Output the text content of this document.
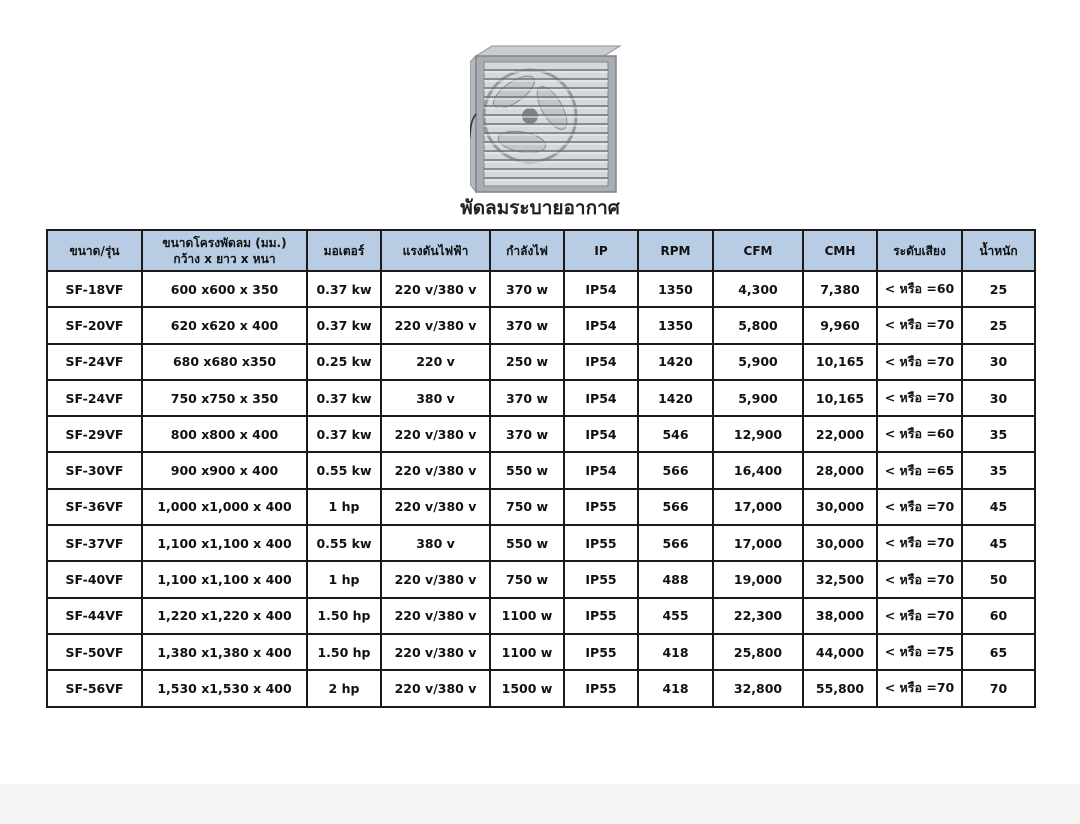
พัดลมระบายอากาศ
ขนาด/รุ่น	ขนาดโครงพัดลม (มม.)
กว้าง x ยาว x หนา	มอเตอร์	แรงดันไฟฟ้า	กำลังไฟ	IP	RPM	CFM	CMH	ระดับเสียง	น้ำหนัก
SF-18VF	600 x600 x 350	0.37 kw	220 v/380 v	370 w	IP54	1350	4,300	7,380	< หรือ =60	25
SF-20VF	620 x620 x 400	0.37 kw	220 v/380 v	370 w	IP54	1350	5,800	9,960	< หรือ =70	25
SF-24VF	680 x680 x350	0.25 kw	220 v	250 w	IP54	1420	5,900	10,165	< หรือ =70	30
SF-24VF	750 x750 x 350	0.37 kw	380 v	370 w	IP54	1420	5,900	10,165	< หรือ =70	30
SF-29VF	800 x800 x 400	0.37 kw	220 v/380 v	370 w	IP54	546	12,900	22,000	< หรือ =60	35
SF-30VF	900 x900 x 400	0.55 kw	220 v/380 v	550 w	IP54	566	16,400	28,000	< หรือ =65	35
SF-36VF	1,000 x1,000 x 400	1 hp	220 v/380 v	750 w	IP55	566	17,000	30,000	< หรือ =70	45
SF-37VF	1,100 x1,100 x 400	0.55 kw	380 v	550 w	IP55	566	17,000	30,000	< หรือ =70	45
SF-40VF	1,100 x1,100 x 400	1 hp	220 v/380 v	750 w	IP55	488	19,000	32,500	< หรือ =70	50
SF-44VF	1,220 x1,220 x 400	1.50 hp	220 v/380 v	1100 w	IP55	455	22,300	38,000	< หรือ =70	60
SF-50VF	1,380 x1,380 x 400	1.50 hp	220 v/380 v	1100 w	IP55	418	25,800	44,000	< หรือ =75	65
SF-56VF	1,530 x1,530 x 400	2 hp	220 v/380 v	1500 w	IP55	418	32,800	55,800	< หรือ =70	70
